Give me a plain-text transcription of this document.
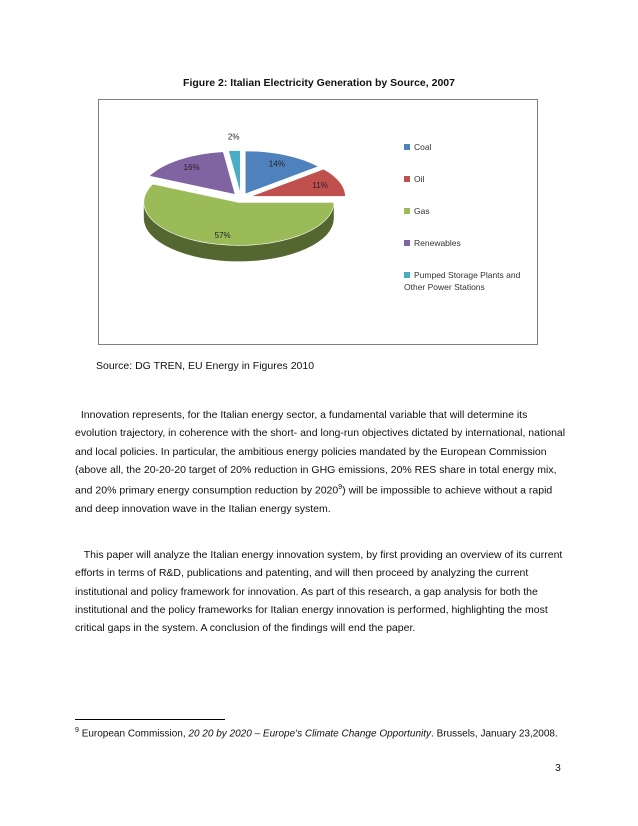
Figure 2: Italian Electricity Generation by Source, 2007
14%
11%
57%
16%
2%
Coal
Oil
Gas
Renewables
Pumped Storage Plants and Other Power Stations
Source: DG TREN, EU Energy in Figures 2010

Innovation represents, for the Italian energy sector, a fundamental variable that will determine its evolution trajectory, in coherence with the short- and long-run objectives dictated by international, national and local policies. In particular, the ambitious energy policies mandated by the European Commission (above all, the 20-20-20 target of 20% reduction in GHG emissions, 20% RES share in total energy mix, and 20% primary energy consumption reduction by 2020$^9$) will be impossible to achieve without a rapid and deep innovation wave in the Italian energy system.

This paper will analyze the Italian energy innovation system, by first providing an overview of its current efforts in terms of R&D, publications and patenting, and will then proceed by analyzing the current institutional and policy framework for innovation. As part of this research, a gap analysis for both the institutional and the policy frameworks for Italian energy innovation is performed, highlighting the most critical gaps in the system. A conclusion of the findings will end the paper.

$^9$ European Commission, 20 20 by 2020 – Europe's Climate Change Opportunity. Brussels, January 23,2008.
3
